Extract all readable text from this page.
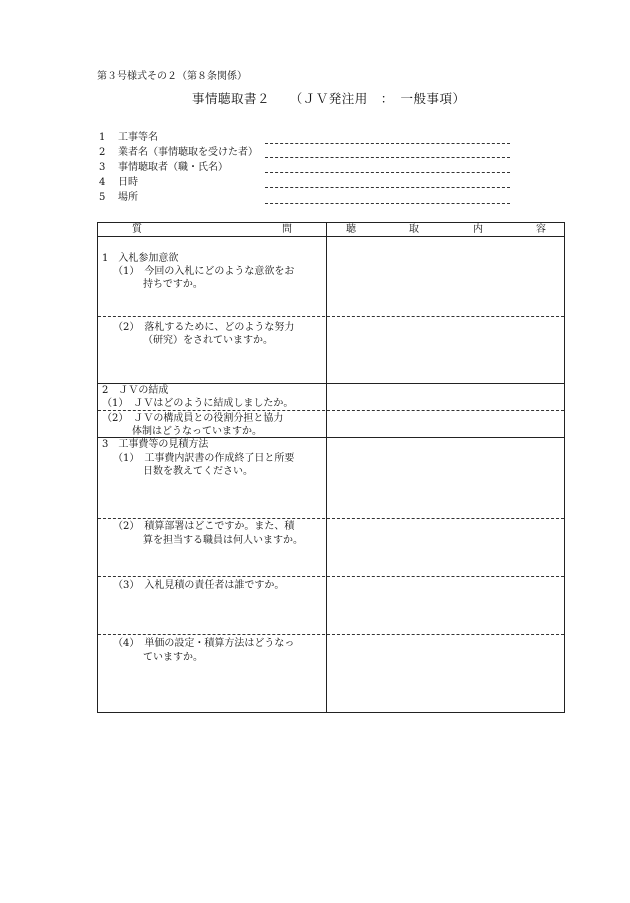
第３号様式その２（第８条関係）
事情聴取書２　　（ＪＶ発注用　：　一般事項）
1 工事等名
2 業者名（事情聴取を受けた者）
3 事情聴取者（職・氏名）
4 日時
5 場所
質	問	聴	取	内	容
1　入札参加意欲
（1）　今回の入札にどのような意欲をお
持ちですか。
（2）　落札するために、どのような努力
（研究）をされていますか。
2　ＪＶの結成
（1）　ＪＶはどのように結成しましたか。
（2）　ＪＶの構成員との役割分担と協力
体制はどうなっていますか。
3　工事費等の見積方法
（1）　工事費内訳書の作成終了日と所要
日数を教えてください。
（2）　積算部署はどこですか。また、積
算を担当する職員は何人いますか。
（3）　入札見積の責任者は誰ですか。
（4）　単価の設定・積算方法はどうなっ
ていますか。
